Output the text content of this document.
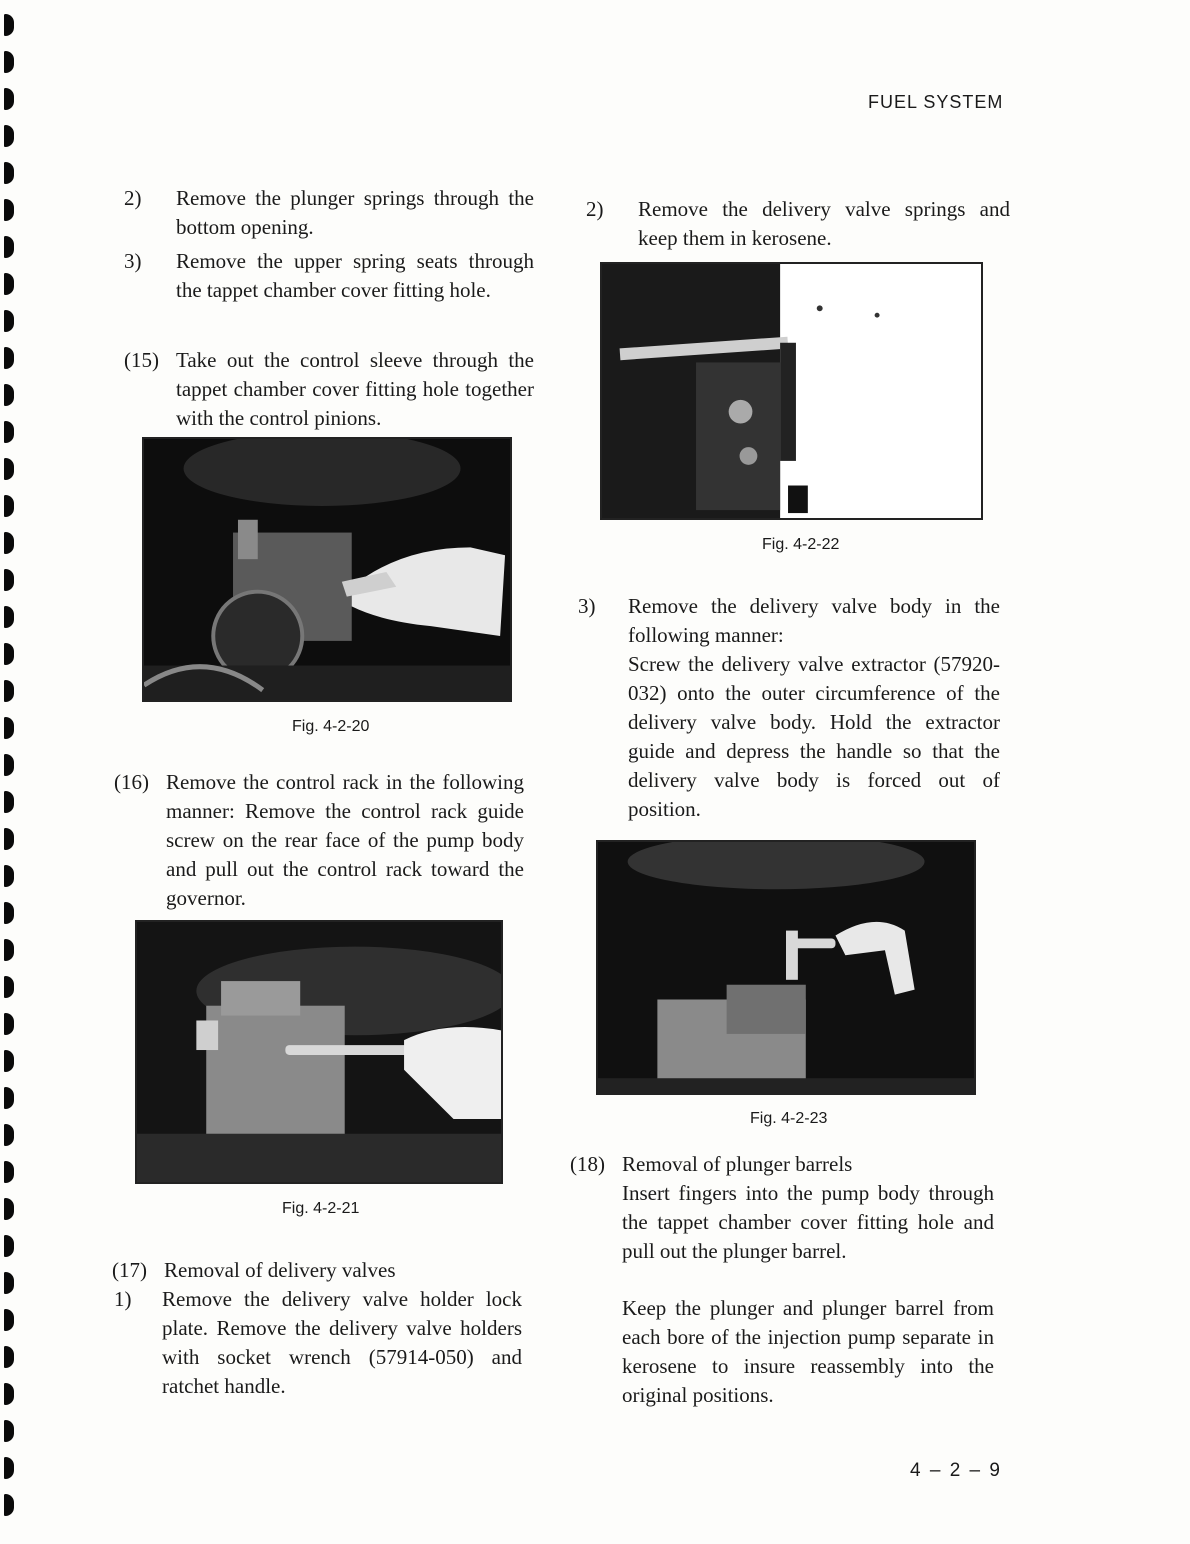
FUEL SYSTEM
2) Remove the plunger springs through the bottom opening.
3) Remove the upper spring seats through the tappet chamber cover fitting hole.
(15) Take out the control sleeve through the tappet chamber cover fitting hole together with the control pinions.
Fig. 4-2-20
(16) Remove the control rack in the following manner: Remove the control rack guide screw on the rear face of the pump body and pull out the control rack toward the governor.
Fig. 4-2-21
(17) Removal of delivery valves
1) Remove the delivery valve holder lock plate. Remove the delivery valve holders with socket wrench (57914-050) and ratchet handle.
2) Remove the delivery valve springs and keep them in kerosene.
Fig. 4-2-22
3) Remove the delivery valve body in the following manner:
Screw the delivery valve extractor (57920-032) onto the outer circumference of the delivery valve body. Hold the extractor guide and depress the handle so that the delivery valve body is forced out of position.
Fig. 4-2-23
(18) Removal of plunger barrels
Insert fingers into the pump body through the tappet chamber cover fitting hole and pull out the plunger barrel.
Keep the plunger and plunger barrel from each bore of the injection pump separate in kerosene to insure reassembly into the original positions.
4 – 2 – 9
